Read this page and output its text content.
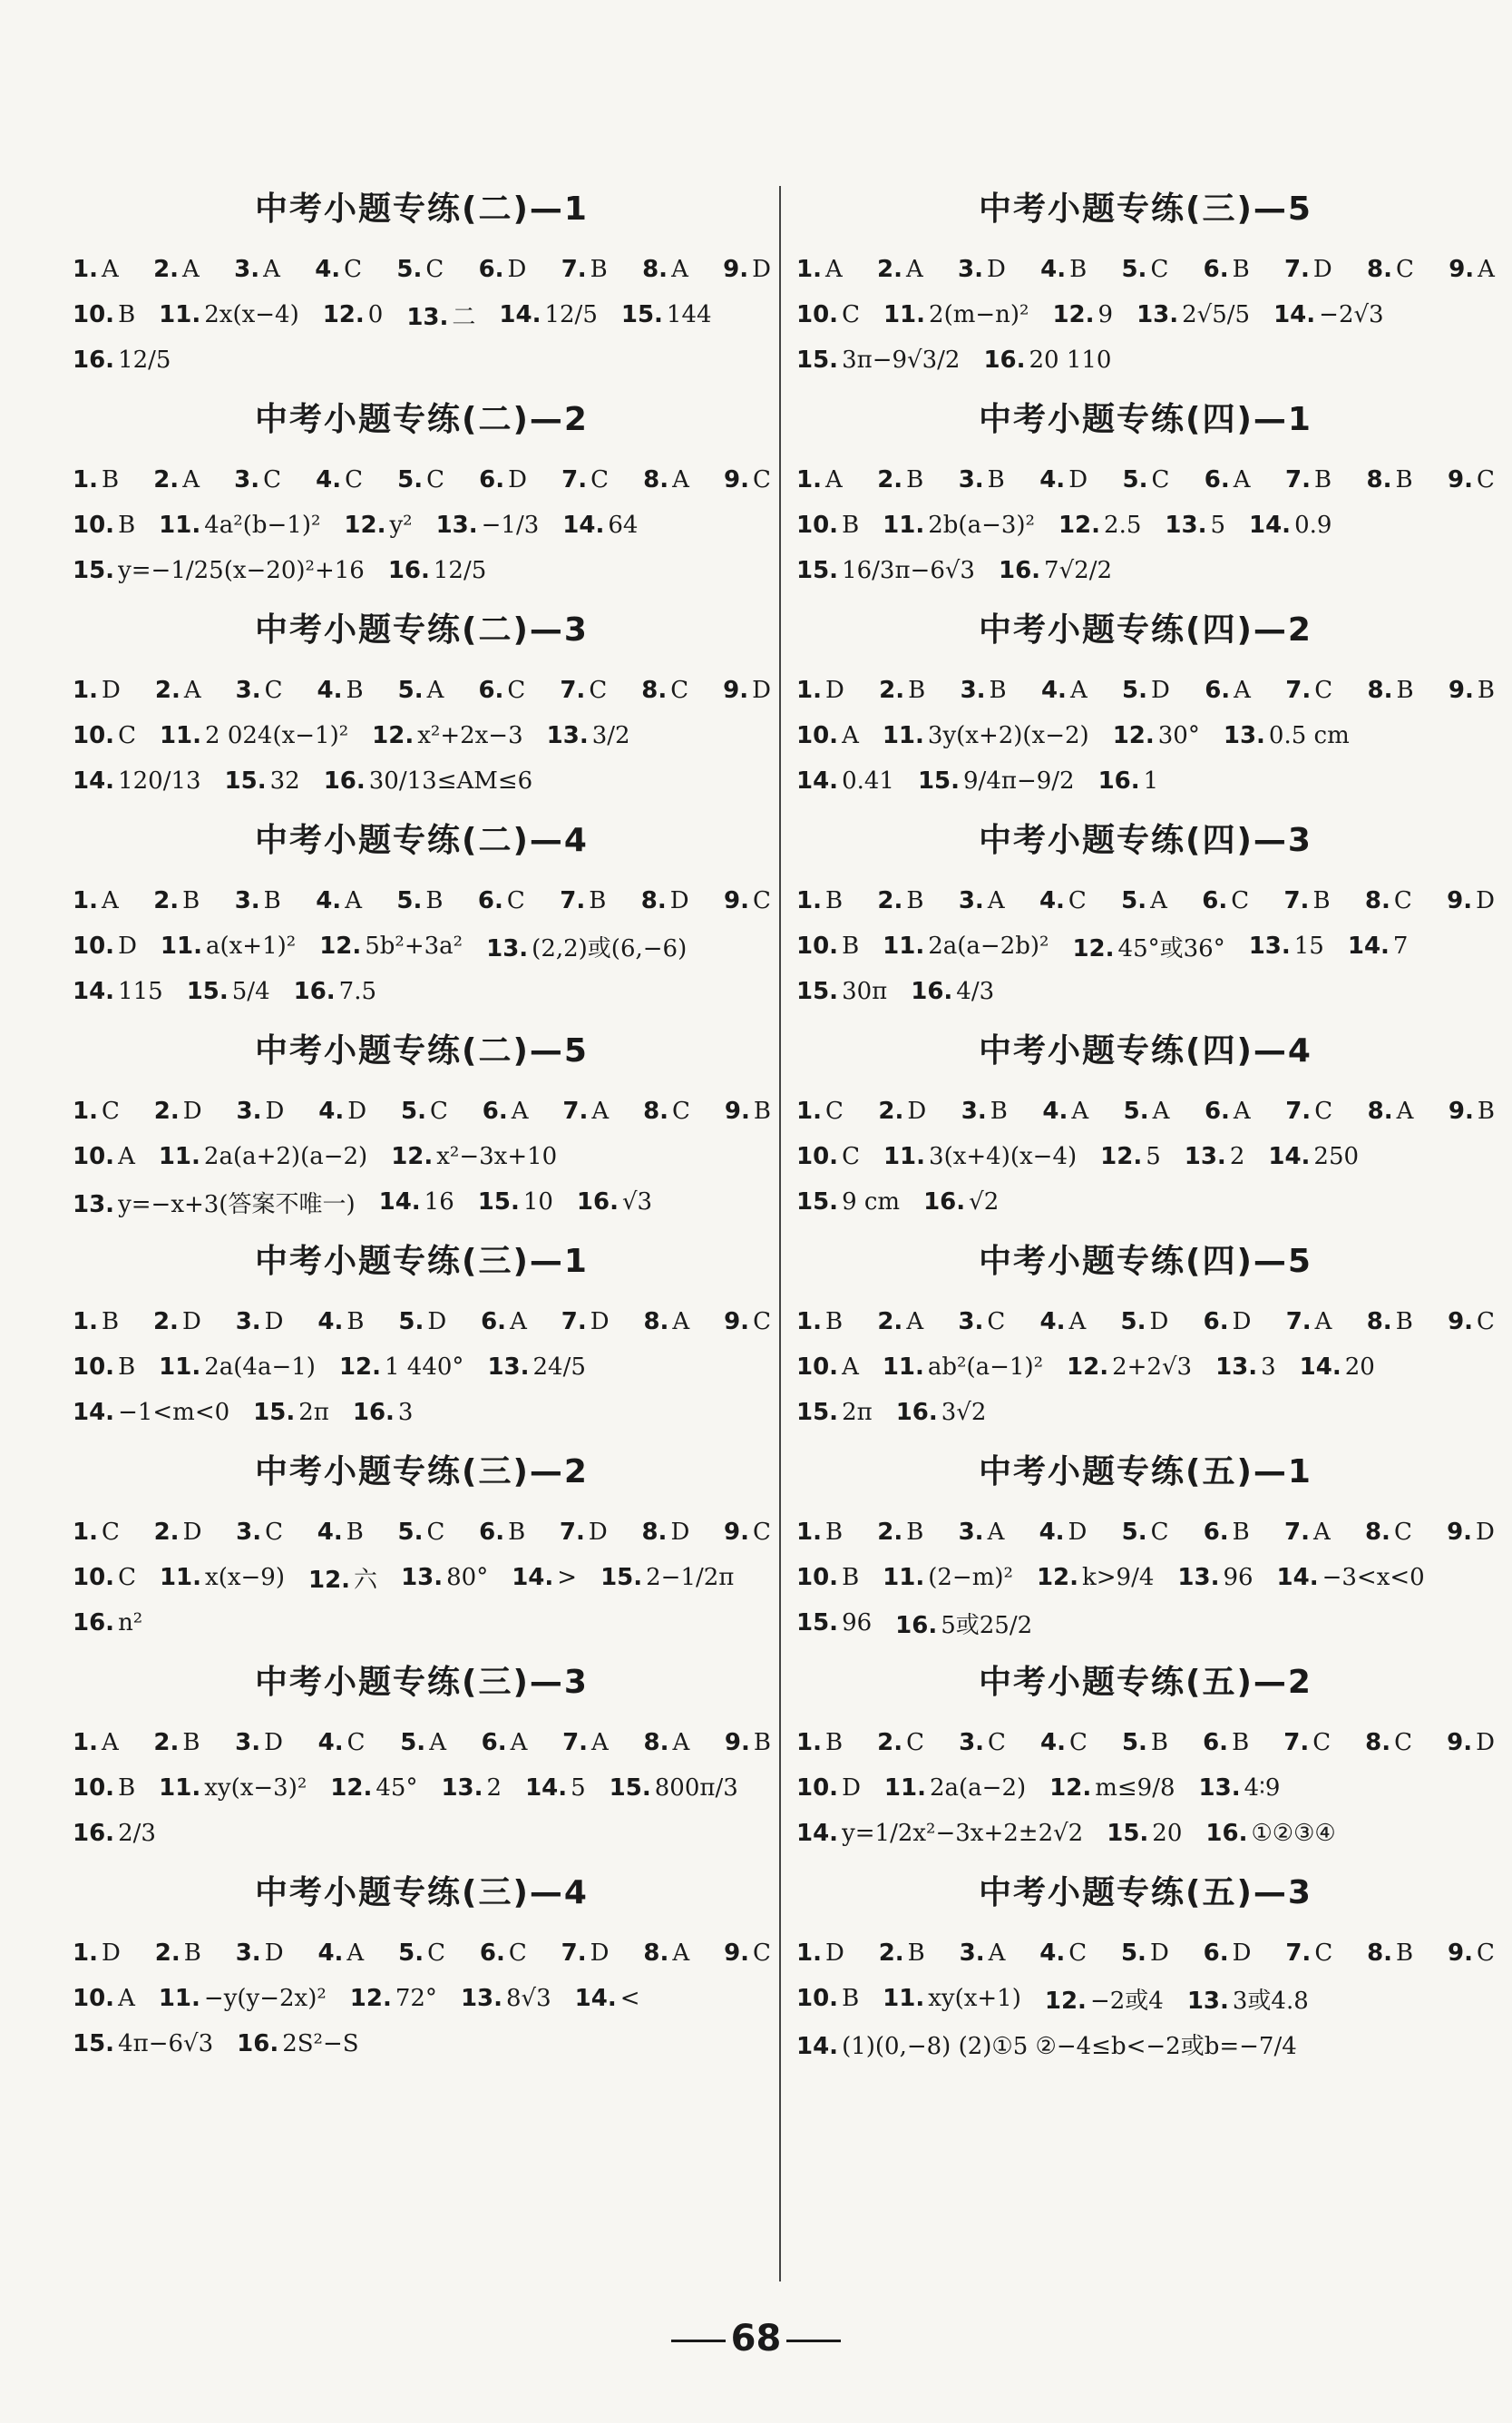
中考小题专练(二)—1
1. A 2. A 3. A 4. C 5. C 6. D 7. B 8. A 9. D
10. B 11. 2x(x−4) 12. 0 13. 二 14. 12/5 15. 144
16. 12/5
中考小题专练(二)—2
1. B 2. A 3. C 4. C 5. C 6. D 7. C 8. A 9. C
10. B 11. 4a²(b−1)² 12. y² 13. −1/3 14. 64
15. y=−1/25(x−20)²+16 16. 12/5
中考小题专练(二)—3
1. D 2. A 3. C 4. B 5. A 6. C 7. C 8. C 9. D
10. C 11. 2 024(x−1)² 12. x²+2x−3 13. 3/2
14. 120/13 15. 32 16. 30/13≤AM≤6
中考小题专练(二)—4
1. A 2. B 3. B 4. A 5. B 6. C 7. B 8. D 9. C
10. D 11. a(x+1)² 12. 5b²+3a² 13. (2,2)或(6,−6)
14. 115 15. 5/4 16. 7.5
中考小题专练(二)—5
1. C 2. D 3. D 4. D 5. C 6. A 7. A 8. C 9. B
10. A 11. 2a(a+2)(a−2) 12. x²−3x+10
13. y=−x+3(答案不唯一) 14. 16 15. 10 16. √3
中考小题专练(三)—1
1. B 2. D 3. D 4. B 5. D 6. A 7. D 8. A 9. C
10. B 11. 2a(4a−1) 12. 1 440° 13. 24/5
14. −1<m<0 15. 2π 16. 3
中考小题专练(三)—2
1. C 2. D 3. C 4. B 5. C 6. B 7. D 8. D 9. C
10. C 11. x(x−9) 12. 六 13. 80° 14. > 15. 2−1/2π
16. n²
中考小题专练(三)—3
1. A 2. B 3. D 4. C 5. A 6. A 7. A 8. A 9. B
10. B 11. xy(x−3)² 12. 45° 13. 2 14. 5 15. 800π/3
16. 2/3
中考小题专练(三)—4
1. D 2. B 3. D 4. A 5. C 6. C 7. D 8. A 9. C
10. A 11. −y(y−2x)² 12. 72° 13. 8√3 14. <
15. 4π−6√3 16. 2S²−S
中考小题专练(三)—5
1. A 2. A 3. D 4. B 5. C 6. B 7. D 8. C 9. A
10. C 11. 2(m−n)² 12. 9 13. 2√5/5 14. −2√3
15. 3π−9√3/2 16. 20 110
中考小题专练(四)—1
1. A 2. B 3. B 4. D 5. C 6. A 7. B 8. B 9. C
10. B 11. 2b(a−3)² 12. 2.5 13. 5 14. 0.9
15. 16/3π−6√3 16. 7√2/2
中考小题专练(四)—2
1. D 2. B 3. B 4. A 5. D 6. A 7. C 8. B 9. B
10. A 11. 3y(x+2)(x−2) 12. 30° 13. 0.5 cm
14. 0.41 15. 9/4π−9/2 16. 1
中考小题专练(四)—3
1. B 2. B 3. A 4. C 5. A 6. C 7. B 8. C 9. D
10. B 11. 2a(a−2b)² 12. 45°或36° 13. 15 14. 7
15. 30π 16. 4/3
中考小题专练(四)—4
1. C 2. D 3. B 4. A 5. A 6. A 7. C 8. A 9. B
10. C 11. 3(x+4)(x−4) 12. 5 13. 2 14. 250
15. 9 cm 16. √2
中考小题专练(四)—5
1. B 2. A 3. C 4. A 5. D 6. D 7. A 8. B 9. C
10. A 11. ab²(a−1)² 12. 2+2√3 13. 3 14. 20
15. 2π 16. 3√2
中考小题专练(五)—1
1. B 2. B 3. A 4. D 5. C 6. B 7. A 8. C 9. D
10. B 11. (2−m)² 12. k>9/4 13. 96 14. −3<x<0
15. 96 16. 5或25/2
中考小题专练(五)—2
1. B 2. C 3. C 4. C 5. B 6. B 7. C 8. C 9. D
10. D 11. 2a(a−2) 12. m≤9/8 13. 4∶9
14. y=1/2x²−3x+2±2√2 15. 20 16. ①②③④
中考小题专练(五)—3
1. D 2. B 3. A 4. C 5. D 6. D 7. C 8. B 9. C
10. B 11. xy(x+1) 12. −2或4 13. 3或4.8
14. (1)(0,−8) (2)①5 ②−4≤b<−2或b=−7/4
68
